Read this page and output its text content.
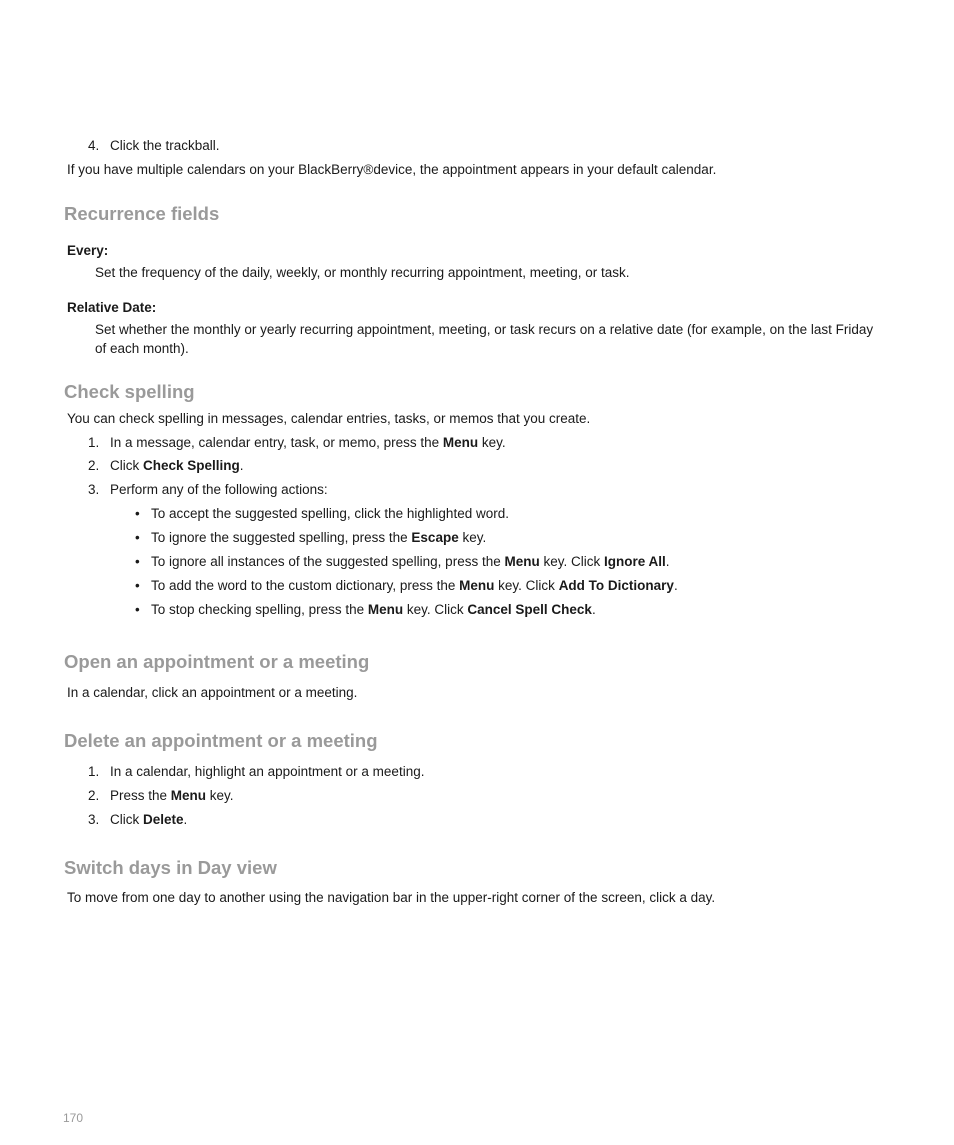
4. Click the trackball.
If you have multiple calendars on your BlackBerry®device, the appointment appears in your default calendar.
Recurrence fields
Every:
Set the frequency of the daily, weekly, or monthly recurring appointment, meeting, or task.
Relative Date:
Set whether the monthly or yearly recurring appointment, meeting, or task recurs on a relative date (for example, on the last Friday
of each month).
Check spelling
You can check spelling in messages, calendar entries, tasks, or memos that you create.
1. In a message, calendar entry, task, or memo, press the Menu key.
2. Click Check Spelling.
3. Perform any of the following actions:
• To accept the suggested spelling, click the highlighted word.
• To ignore the suggested spelling, press the Escape key.
• To ignore all instances of the suggested spelling, press the Menu key. Click Ignore All.
• To add the word to the custom dictionary, press the Menu key. Click Add To Dictionary.
• To stop checking spelling, press the Menu key. Click Cancel Spell Check.
Open an appointment or a meeting
In a calendar, click an appointment or a meeting.
Delete an appointment or a meeting
1. In a calendar, highlight an appointment or a meeting.
2. Press the Menu key.
3. Click Delete.
Switch days in Day view
To move from one day to another using the navigation bar in the upper-right corner of the screen, click a day.
170
